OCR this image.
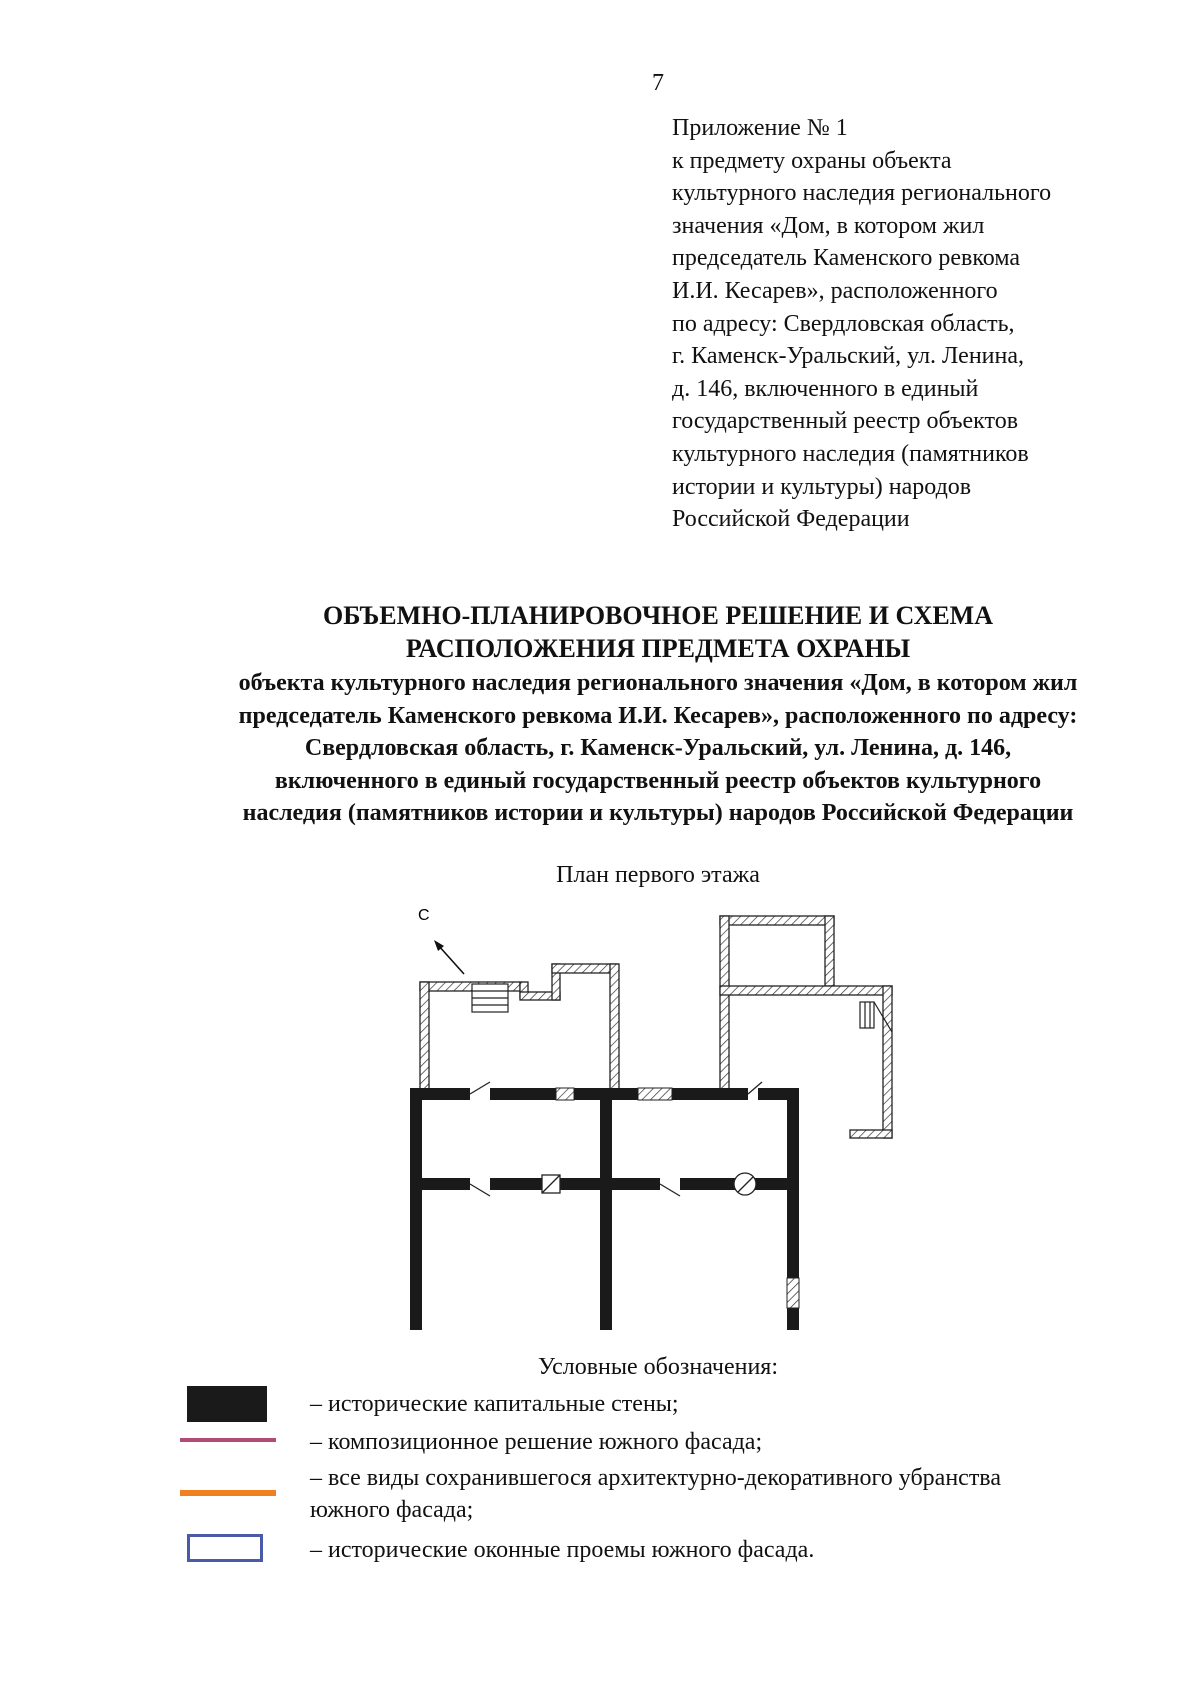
7
Приложение № 1
к предмету охраны объекта
культурного наследия регионального
значения «Дом, в котором жил
председатель Каменского ревкома
И.И. Кесарев», расположенного
по адресу: Свердловская область,
г. Каменск-Уральский, ул. Ленина,
д. 146, включенного в единый
государственный реестр объектов
культурного наследия (памятников
истории и культуры) народов
Российской Федерации
ОБЪЕМНО-ПЛАНИРОВОЧНОЕ РЕШЕНИЕ И СХЕМА
РАСПОЛОЖЕНИЯ ПРЕДМЕТА ОХРАНЫ
объекта культурного наследия регионального значения «Дом, в котором жил
председатель Каменского ревкома И.И. Кесарев», расположенного по адресу:
Свердловская область, г. Каменск-Уральский, ул. Ленина, д. 146,
включенного в единый государственный реестр объектов культурного
наследия (памятников истории и культуры) народов Российской Федерации
План первого этажа
С
Условные обозначения:
– исторические капитальные стены;
– композиционное решение южного фасада;
– все виды сохранившегося архитектурно-декоративного убранства
южного фасада;
– исторические оконные проемы южного фасада.
